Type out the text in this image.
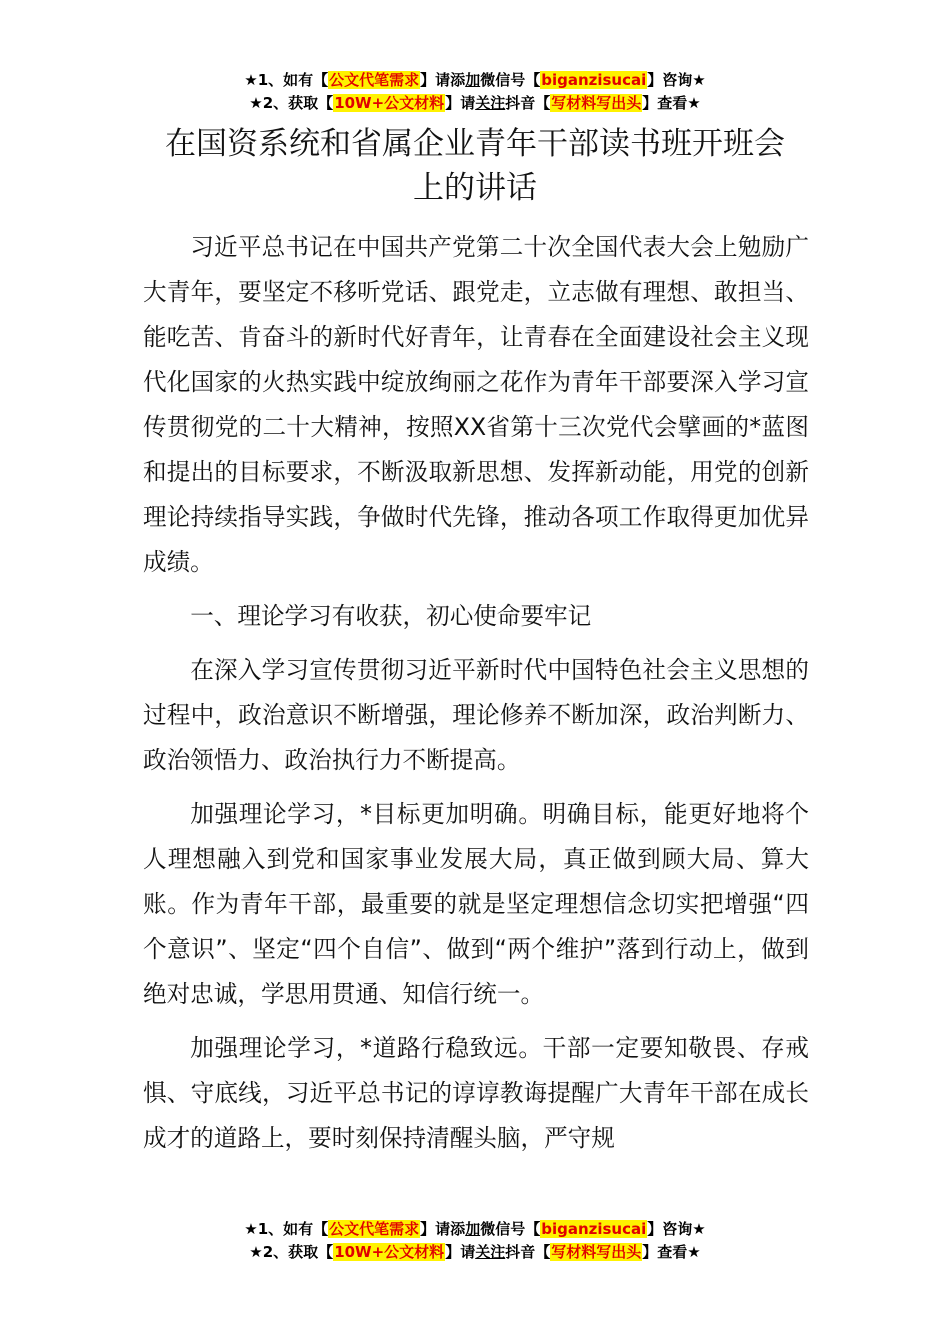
★1、如有【公文代笔需求】请添加微信号【biganzisucai】咨询★
★2、获取【10W+公文材料】请关注抖音【写材料写出头】查看★
在国资系统和省属企业青年干部读书班开班会上的讲话

习近平总书记在中国共产党第二十次全国代表大会上勉励广大青年，要坚定不移听党话、跟党走，立志做有理想、敢担当、能吃苦、肯奋斗的新时代好青年，让青春在全面建设社会主义现代化国家的火热实践中绽放绚丽之花作为青年干部要深入学习宣传贯彻党的二十大精神，按照XX省第十三次党代会擘画的*蓝图和提出的目标要求，不断汲取新思想、发挥新动能，用党的创新理论持续指导实践，争做时代先锋，推动各项工作取得更加优异成绩。

一、理论学习有收获，初心使命要牢记

在深入学习宣传贯彻习近平新时代中国特色社会主义思想的过程中，政治意识不断增强，理论修养不断加深，政治判断力、政治领悟力、政治执行力不断提高。

加强理论学习，*目标更加明确。明确目标，能更好地将个人理想融入到党和国家事业发展大局，真正做到顾大局、算大账。作为青年干部，最重要的就是坚定理想信念切实把增强“四个意识”、坚定“四个自信”、做到“两个维护”落到行动上，做到绝对忠诚，学思用贯通、知信行统一。

加强理论学习，*道路行稳致远。干部一定要知敬畏、存戒惧、守底线，习近平总书记的谆谆教诲提醒广大青年干部在成长成才的道路上，要时刻保持清醒头脑，严守规

★1、如有【公文代笔需求】请添加微信号【biganzisucai】咨询★
★2、获取【10W+公文材料】请关注抖音【写材料写出头】查看★
